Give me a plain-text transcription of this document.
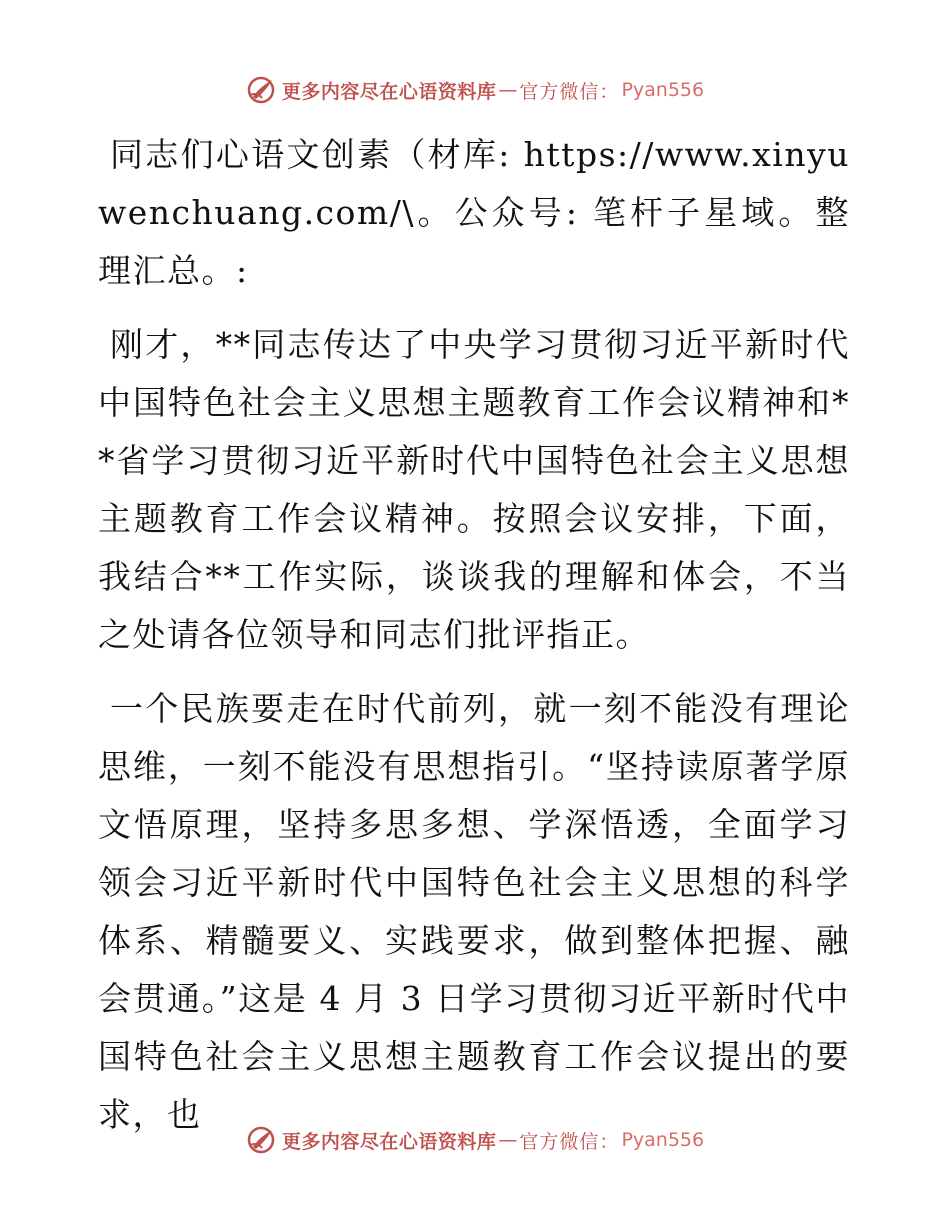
更多内容尽在心语资料库 — 官方微信： Pyan556

同志们心语文创素（材库: https://www.xinyuwenchuang.com/\。公众号: 笔杆子星域。整理汇总。:

刚才，**同志传达了中央学习贯彻习近平新时代中国特色社会主义思想主题教育工作会议精神和**省学习贯彻习近平新时代中国特色社会主义思想主题教育工作会议精神。按照会议安排，下面，我结合**工作实际，谈谈我的理解和体会，不当之处请各位领导和同志们批评指正。

一个民族要走在时代前列，就一刻不能没有理论思维，一刻不能没有思想指引。“坚持读原著学原文悟原理，坚持多思多想、学深悟透，全面学习领会习近平新时代中国特色社会主义思想的科学体系、精髓要义、实践要求，做到整体把握、融会贯通。”这是 4 月 3 日学习贯彻习近平新时代中国特色社会主义思想主题教育工作会议提出的要求，也

更多内容尽在心语资料库 — 官方微信： Pyan556
